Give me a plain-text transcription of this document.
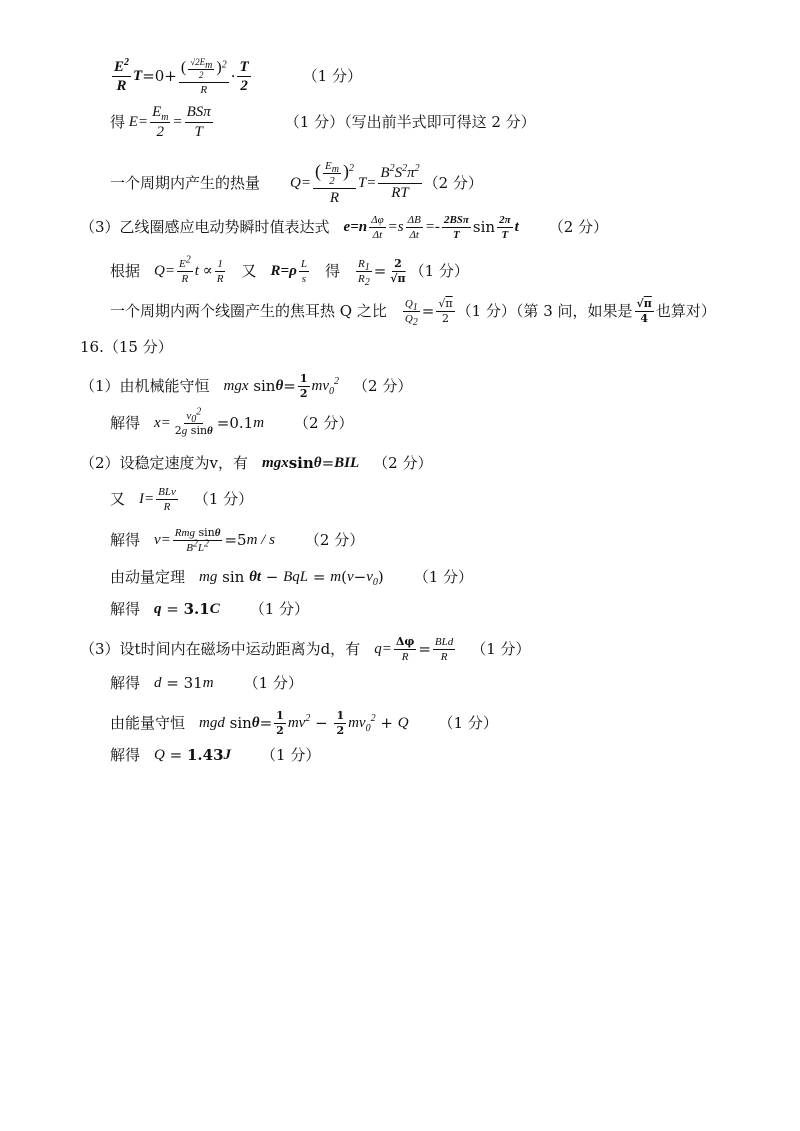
$\frac{E^2}{R}$ $T =0+ \frac{( \frac{√2E_m}{2} )^2}{R} \cdot \frac{T}{2}$	（1 分）
得 $E= \frac{E_m}{2} = \frac{\text{BSπ}}{T}$	（1 分）（写出前半式即可得这 2 分）
一个周期内产生的热量 $Q= \frac{( \frac{E_m}{2} )^2}{R} T= \frac{B^2S^2\pi^2}{RT} (2$ 分）
（3）乙线圈感应电动势瞬时值表达式 $e=n \frac{\Delta\varphi}{\Delta t} =s \frac{\Delta B}{\Delta t} =- \frac{\text{2BSπ}}{T}$ $\sin \frac{2\pi}{T}$ t （2 分）
根据 $Q= \frac{E^2}{R}$ $t \propto \frac{1}{R}$ 又 $R=\rho \frac{L}{s}$ 得 $\frac{R_1}{R_2} = \frac{2}{√\pi} (1$ 分）
一个周期内两个线圈产生的焦耳热 Q 之比 $\frac{Q_1}{Q_2} = \frac{√\pi}{2} (1$ 分）（第 3 问，如果是 $\frac{√\pi}{4}$ 也算对）
16.（15 分）
（1）由机械能守恒 mgx $\sin \theta = \frac{1}{2} mv_0^2$ （2 分）
解得 $x= \frac{v_0^2}{\text{2g sinθ}} = 0.1$ m （2 分）
（2）设稳定速度为v，有 mgx sin θ = BIL （2 分）
又 $I= \frac{\text{BLv}}{R} (1$ 分）
解得 $v= \frac{\text{Rmg sinθ}}{B^2L^2} = 5$ m / s （2 分）
由动量定理 mg sin θt − BqL = m ( $v - v_0$ ) （1 分）
解得 q = 3.1 C （1 分）
（3）设t时间内在磁场中运动距离为d，有 $q= \frac{\Delta\varphi}{R} = \frac{\text{BLd}}{R} (1$ 分）
解得 d = 31 m （1 分）
由能量守恒 mgd $\sin \theta = \frac{1}{2} mv^2 - \frac{1}{2} mv_0^2 + Q$ （1 分）
解得 Q = 1.43 J （1 分）
